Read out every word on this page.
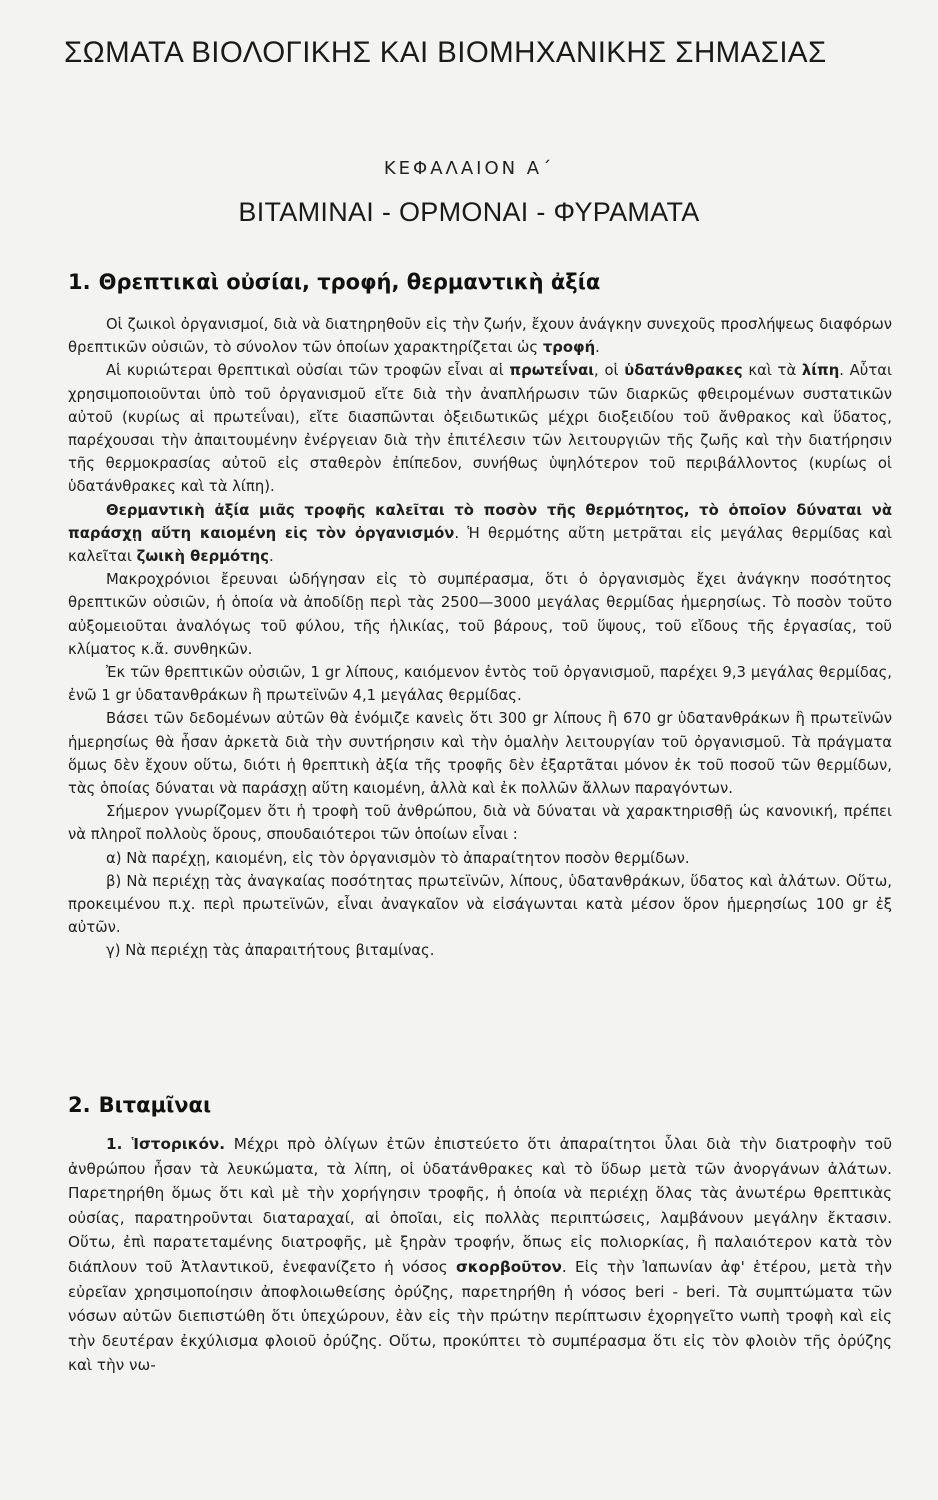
ΣΩΜΑΤΑ ΒΙΟΛΟΓΙΚΗΣ ΚΑΙ ΒΙΟΜΗΧΑΝΙΚΗΣ ΣΗΜΑΣΙΑΣ
ΚΕΦΑΛΑΙΟΝ Α΄
ΒΙΤΑΜΙΝΑΙ - ΟΡΜΟΝΑΙ - ΦΥΡΑΜΑΤΑ
1. Θρεπτικαὶ οὐσίαι, τροφή, θερμαντικὴ ἀξία

Οἱ ζωικοὶ ὀργανισμοί, διὰ νὰ διατηρηθοῦν εἰς τὴν ζωήν, ἔχουν ἀνάγκην συνεχοῦς προσλήψεως διαφόρων θρεπτικῶν οὐσιῶν, τὸ σύνολον τῶν ὁποίων χαρακτηρίζεται ὡς τροφή.

Αἱ κυριώτεραι θρεπτικαὶ οὐσίαι τῶν τροφῶν εἶναι αἱ πρωτεΐναι, οἱ ὑδατάνθρακες καὶ τὰ λίπη. Αὗται χρησιμοποιοῦνται ὑπὸ τοῦ ὀργανισμοῦ εἴτε διὰ τὴν ἀναπλήρωσιν τῶν διαρκῶς φθειρομένων συστατικῶν αὐτοῦ (κυρίως αἱ πρωτεΐναι), εἴτε διασπῶνται ὀξειδωτικῶς μέχρι διοξειδίου τοῦ ἄνθρακος καὶ ὕδατος, παρέχουσαι τὴν ἀπαιτουμένην ἐνέργειαν διὰ τὴν ἐπιτέλεσιν τῶν λειτουργιῶν τῆς ζωῆς καὶ τὴν διατήρησιν τῆς θερμοκρασίας αὐτοῦ εἰς σταθερὸν ἐπίπεδον, συνήθως ὑψηλότερον τοῦ περιβάλλοντος (κυρίως οἱ ὑδατάνθρακες καὶ τὰ λίπη).

Θερμαντικὴ ἀξία μιᾶς τροφῆς καλεῖται τὸ ποσὸν τῆς θερμότητος, τὸ ὁποῖον δύναται νὰ παράσχῃ αὕτη καιομένη εἰς τὸν ὀργανισμόν. Ἡ θερμότης αὕτη μετρᾶται εἰς μεγάλας θερμίδας καὶ καλεῖται ζωικὴ θερμότης.

Μακροχρόνιοι ἔρευναι ὡδήγησαν εἰς τὸ συμπέρασμα, ὅτι ὁ ὀργανισμὸς ἔχει ἀνάγκην ποσότητος θρεπτικῶν οὐσιῶν, ἡ ὁποία νὰ ἀποδίδῃ περὶ τὰς 2500—3000 μεγάλας θερμίδας ἡμερησίως. Τὸ ποσὸν τοῦτο αὐξομειοῦται ἀναλόγως τοῦ φύλου, τῆς ἡλικίας, τοῦ βάρους, τοῦ ὕψους, τοῦ εἴδους τῆς ἐργασίας, τοῦ κλίματος κ.ἄ. συνθηκῶν.

Ἐκ τῶν θρεπτικῶν οὐσιῶν, 1 gr λίπους, καιόμενον ἐντὸς τοῦ ὀργανισμοῦ, παρέχει 9,3 μεγάλας θερμίδας, ἐνῶ 1 gr ὑδατανθράκων ἢ πρωτεϊνῶν 4,1 μεγάλας θερμίδας.

Βάσει τῶν δεδομένων αὐτῶν θὰ ἐνόμιζε κανεὶς ὅτι 300 gr λίπους ἢ 670 gr ὑδατανθράκων ἢ πρωτεϊνῶν ἡμερησίως θὰ ἦσαν ἀρκετὰ διὰ τὴν συντήρησιν καὶ τὴν ὁμαλὴν λειτουργίαν τοῦ ὀργανισμοῦ. Τὰ πράγματα ὅμως δὲν ἔχουν οὕτω, διότι ἡ θρεπτικὴ ἀξία τῆς τροφῆς δὲν ἐξαρτᾶται μόνον ἐκ τοῦ ποσοῦ τῶν θερμίδων, τὰς ὁποίας δύναται νὰ παράσχῃ αὕτη καιομένη, ἀλλὰ καὶ ἐκ πολλῶν ἄλλων παραγόντων.

Σήμερον γνωρίζομεν ὅτι ἡ τροφὴ τοῦ ἀνθρώπου, διὰ νὰ δύναται νὰ χαρακτηρισθῇ ὡς κανονική, πρέπει νὰ πληροῖ πολλοὺς ὅρους, σπουδαιότεροι τῶν ὁποίων εἶναι :

α) Νὰ παρέχῃ, καιομένη, εἰς τὸν ὀργανισμὸν τὸ ἀπαραίτητον ποσὸν θερμίδων.

β) Νὰ περιέχῃ τὰς ἀναγκαίας ποσότητας πρωτεϊνῶν, λίπους, ὑδατανθράκων, ὕδατος καὶ ἀλάτων. Οὕτω, προκειμένου π.χ. περὶ πρωτεϊνῶν, εἶναι ἀναγκαῖον νὰ εἰσάγωνται κατὰ μέσον ὅρον ἡμερησίως 100 gr ἐξ αὐτῶν.

γ) Νὰ περιέχῃ τὰς ἀπαραιτήτους βιταμίνας.

2. Βιταμῖναι

1. Ἱστορικόν. Μέχρι πρὸ ὀλίγων ἐτῶν ἐπιστεύετο ὅτι ἀπαραίτητοι ὗλαι διὰ τὴν διατροφὴν τοῦ ἀνθρώπου ἦσαν τὰ λευκώματα, τὰ λίπη, οἱ ὑδατάνθρακες καὶ τὸ ὕδωρ μετὰ τῶν ἀνοργάνων ἀλάτων. Παρετηρήθη ὅμως ὅτι καὶ μὲ τὴν χορήγησιν τροφῆς, ἡ ὁποία νὰ περιέχῃ ὅλας τὰς ἀνωτέρω θρεπτικὰς οὐσίας, παρατηροῦνται διαταραχαί, αἱ ὁποῖαι, εἰς πολλὰς περιπτώσεις, λαμβάνουν μεγάλην ἔκτασιν. Οὕτω, ἐπὶ παρατεταμένης διατροφῆς, μὲ ξηρὰν τροφήν, ὅπως εἰς πολιορκίας, ἢ παλαιότερον κατὰ τὸν διάπλουν τοῦ Ἀτλαντικοῦ, ἐνεφανίζετο ἡ νόσος σκορβοῦτον. Εἰς τὴν Ἰαπωνίαν ἀφ' ἑτέρου, μετὰ τὴν εὐρεῖαν χρησιμοποίησιν ἀποφλοιωθείσης ὀρύζης, παρετηρήθη ἡ νόσος beri - beri. Τὰ συμπτώματα τῶν νόσων αὐτῶν διεπιστώθη ὅτι ὑπεχώρουν, ἐὰν εἰς τὴν πρώτην περίπτωσιν ἐχορηγεῖτο νωπὴ τροφὴ καὶ εἰς τὴν δευτέραν ἐκχύλισμα φλοιοῦ ὀρύζης. Οὕτω, προκύπτει τὸ συμπέρασμα ὅτι εἰς τὸν φλοιὸν τῆς ὀρύζης καὶ τὴν νω-
